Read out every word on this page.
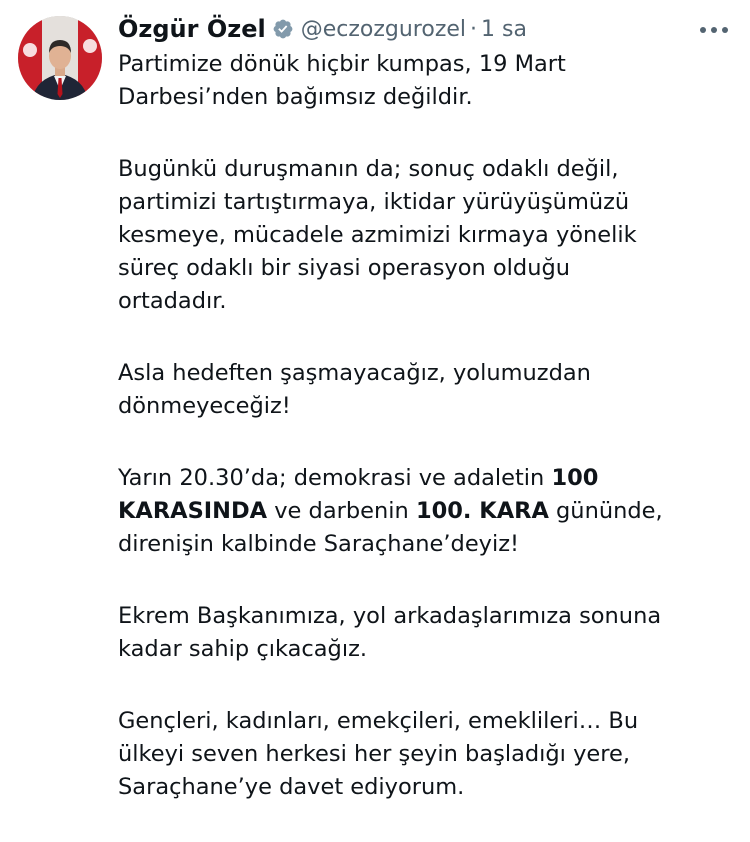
Özgür Özel @eczozgurozel · 1 sa
Partimize dönük hiçbir kumpas, 19 Mart
Darbesi’nden bağımsız değildir.
Bugünkü duruşmanın da; sonuç odaklı değil,
partimizi tartıştırmaya, iktidar yürüyüşümüzü
kesmeye, mücadele azmimizi kırmaya yönelik
süreç odaklı bir siyasi operasyon olduğu
ortadadır.
Asla hedeften şaşmayacağız, yolumuzdan
dönmeyeceğiz!
Yarın 20.30’da; demokrasi ve adaletin 100
KARASINDA ve darbenin 100. KARA gününde,
direnişin kalbinde Saraçhane’deyiz!
Ekrem Başkanımıza, yol arkadaşlarımıza sonuna
kadar sahip çıkacağız.
Gençleri, kadınları, emekçileri, emeklileri… Bu
ülkeyi seven herkesi her şeyin başladığı yere,
Saraçhane’ye davet ediyorum.
